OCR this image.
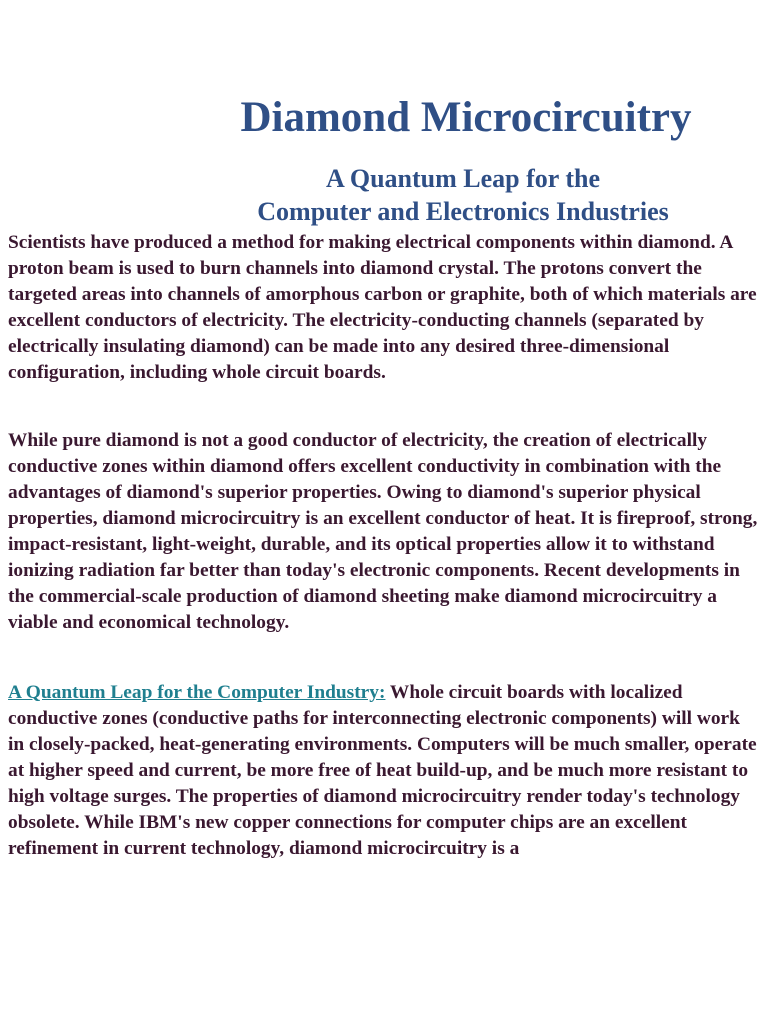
Diamond Microcircuitry
A Quantum Leap for the
Computer and Electronics Industries

Scientists have produced a method for making electrical components within diamond. A proton beam is used to burn channels into diamond crystal. The protons convert the targeted areas into channels of amorphous carbon or graphite, both of which materials are excellent conductors of electricity. The electricity-conducting channels (separated by electrically insulating diamond) can be made into any desired three-dimensional configuration, including whole circuit boards.

While pure diamond is not a good conductor of electricity, the creation of electrically conductive zones within diamond offers excellent conductivity in combination with the advantages of diamond's superior properties. Owing to diamond's superior physical properties, diamond microcircuitry is an excellent conductor of heat. It is fireproof, strong, impact-resistant, light-weight, durable, and its optical properties allow it to withstand ionizing radiation far better than today's electronic components. Recent developments in the commercial-scale production of diamond sheeting make diamond microcircuitry a viable and economical technology.

A Quantum Leap for the Computer Industry: Whole circuit boards with localized conductive zones (conductive paths for interconnecting electronic components) will work in closely-packed, heat-generating environments. Computers will be much smaller, operate at higher speed and current, be more free of heat build-up, and be much more resistant to high voltage surges. The properties of diamond microcircuitry render today's technology obsolete. While IBM's new copper connections for computer chips are an excellent refinement in current technology, diamond microcircuitry is a
